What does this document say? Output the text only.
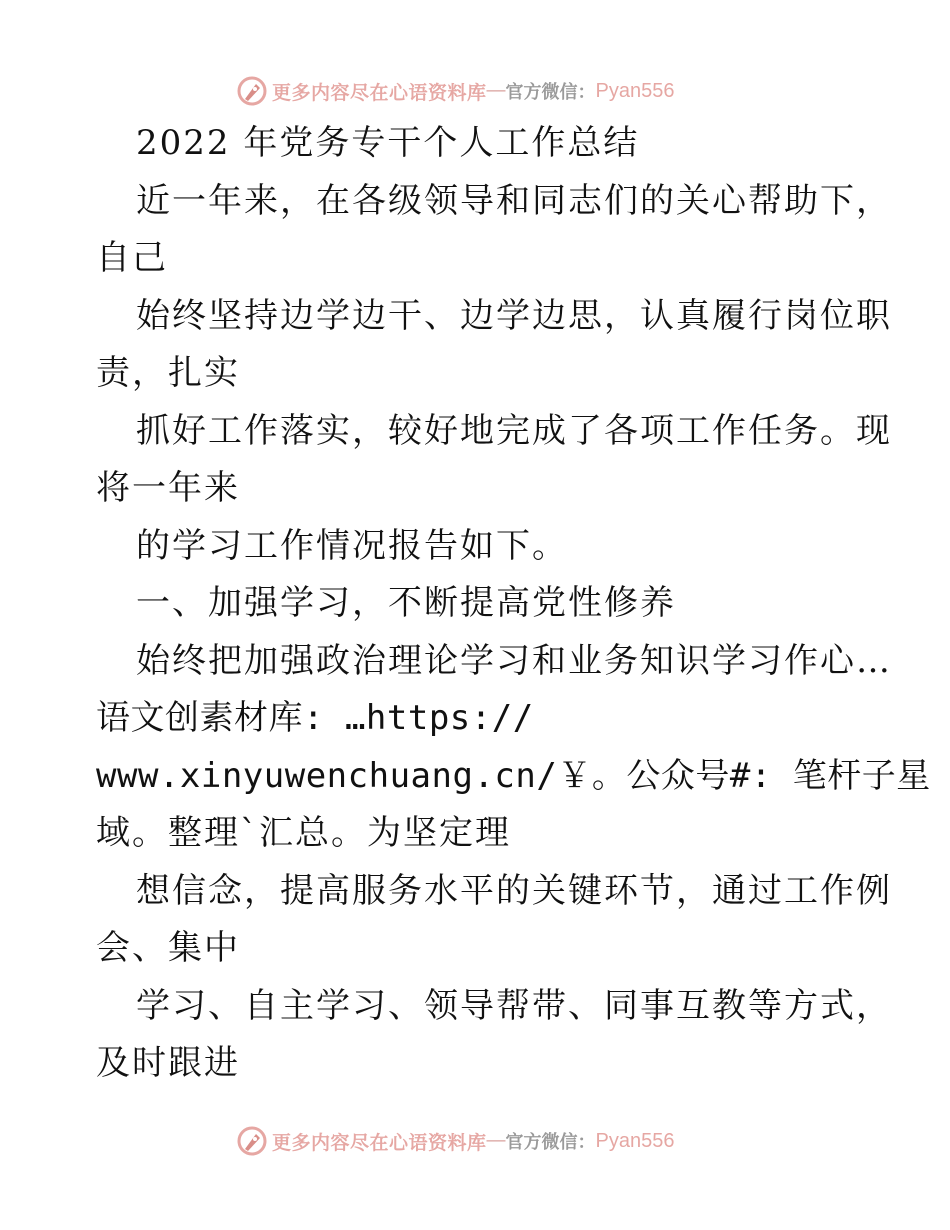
更多内容尽在心语资料库 — 官方微信： Pyan556
2022 年党务专干个人工作总结
近一年来，在各级领导和同志们的关心帮助下，
自己
始终坚持边学边干、边学边思，认真履行岗位职
责，扎实
抓好工作落实，较好地完成了各项工作任务。现
将一年来
的学习工作情况报告如下。
一、加强学习，不断提高党性修养
始终把加强政治理论学习和业务知识学习作心…
语文创素材库: …https://
www.xinyuwenchuang.cn/￥。公众号#: 笔杆子星
域。整理`汇总。为坚定理
想信念，提高服务水平的关键环节，通过工作例
会、集中
学习、自主学习、领导帮带、同事互教等方式，
及时跟进
更多内容尽在心语资料库 — 官方微信： Pyan556
